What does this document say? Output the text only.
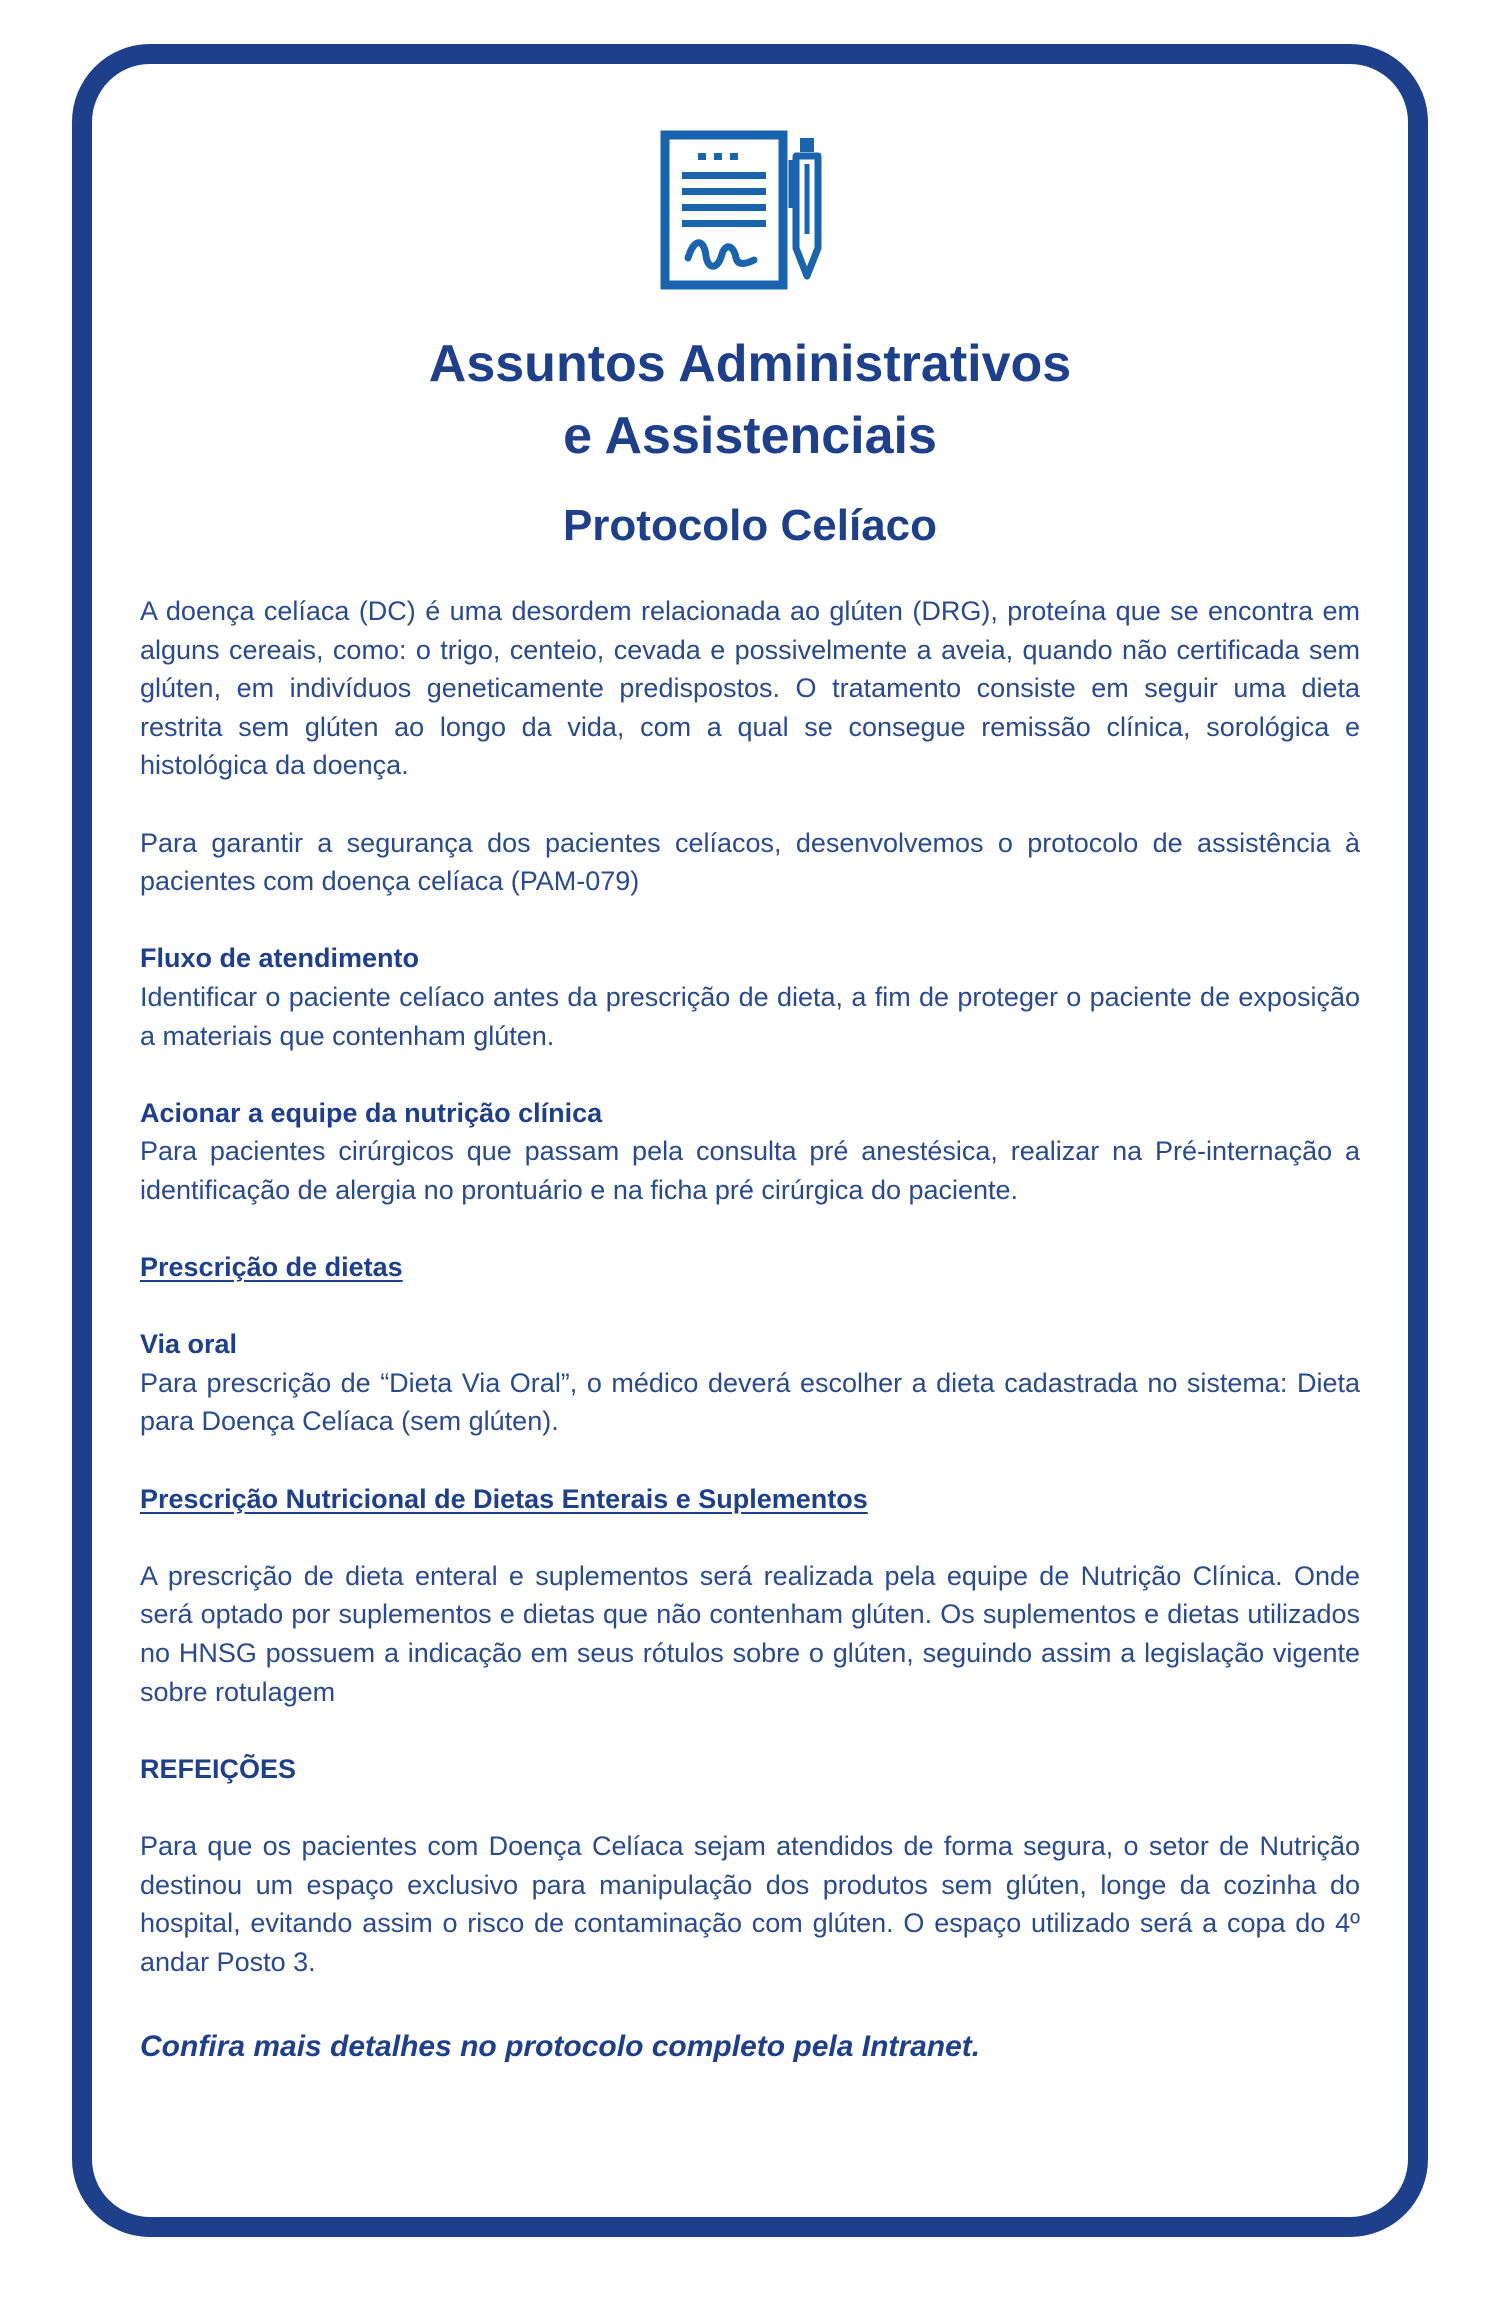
Assuntos Administrativos
e Assistenciais
Protocolo Celíaco

A doença celíaca (DC) é uma desordem relacionada ao glúten (DRG), proteína que se encontra em alguns cereais, como: o trigo, centeio, cevada e possivelmente a aveia, quando não certificada sem glúten, em indivíduos geneticamente predispostos. O tratamento consiste em seguir uma dieta restrita sem glúten ao longo da vida, com a qual se consegue remissão clínica, sorológica e histológica da doença.

Para garantir a segurança dos pacientes celíacos, desenvolvemos o protocolo de assistência à pacientes com doença celíaca (PAM-079)

Fluxo de atendimento

Identificar o paciente celíaco antes da prescrição de dieta, a fim de proteger o paciente de exposição a materiais que contenham glúten.

Acionar a equipe da nutrição clínica

Para pacientes cirúrgicos que passam pela consulta pré anestésica, realizar na Pré-internação a identificação de alergia no prontuário e na ficha pré cirúrgica do paciente.

Prescrição de dietas

Via oral

Para prescrição de “Dieta Via Oral”, o médico deverá escolher a dieta cadastrada no sistema: Dieta para Doença Celíaca (sem glúten).

Prescrição Nutricional de Dietas Enterais e Suplementos

A prescrição de dieta enteral e suplementos será realizada pela equipe de Nutrição Clínica. Onde será optado por suplementos e dietas que não contenham glúten. Os suplementos e dietas utilizados no HNSG possuem a indicação em seus rótulos sobre o glúten, seguindo assim a legislação vigente sobre rotulagem

REFEIÇÕES

Para que os pacientes com Doença Celíaca sejam atendidos de forma segura, o setor de Nutrição destinou um espaço exclusivo para manipulação dos produtos sem glúten, longe da cozinha do hospital, evitando assim o risco de contaminação com glúten. O espaço utilizado será a copa do 4º andar Posto 3.

Confira mais detalhes no protocolo completo pela Intranet.
